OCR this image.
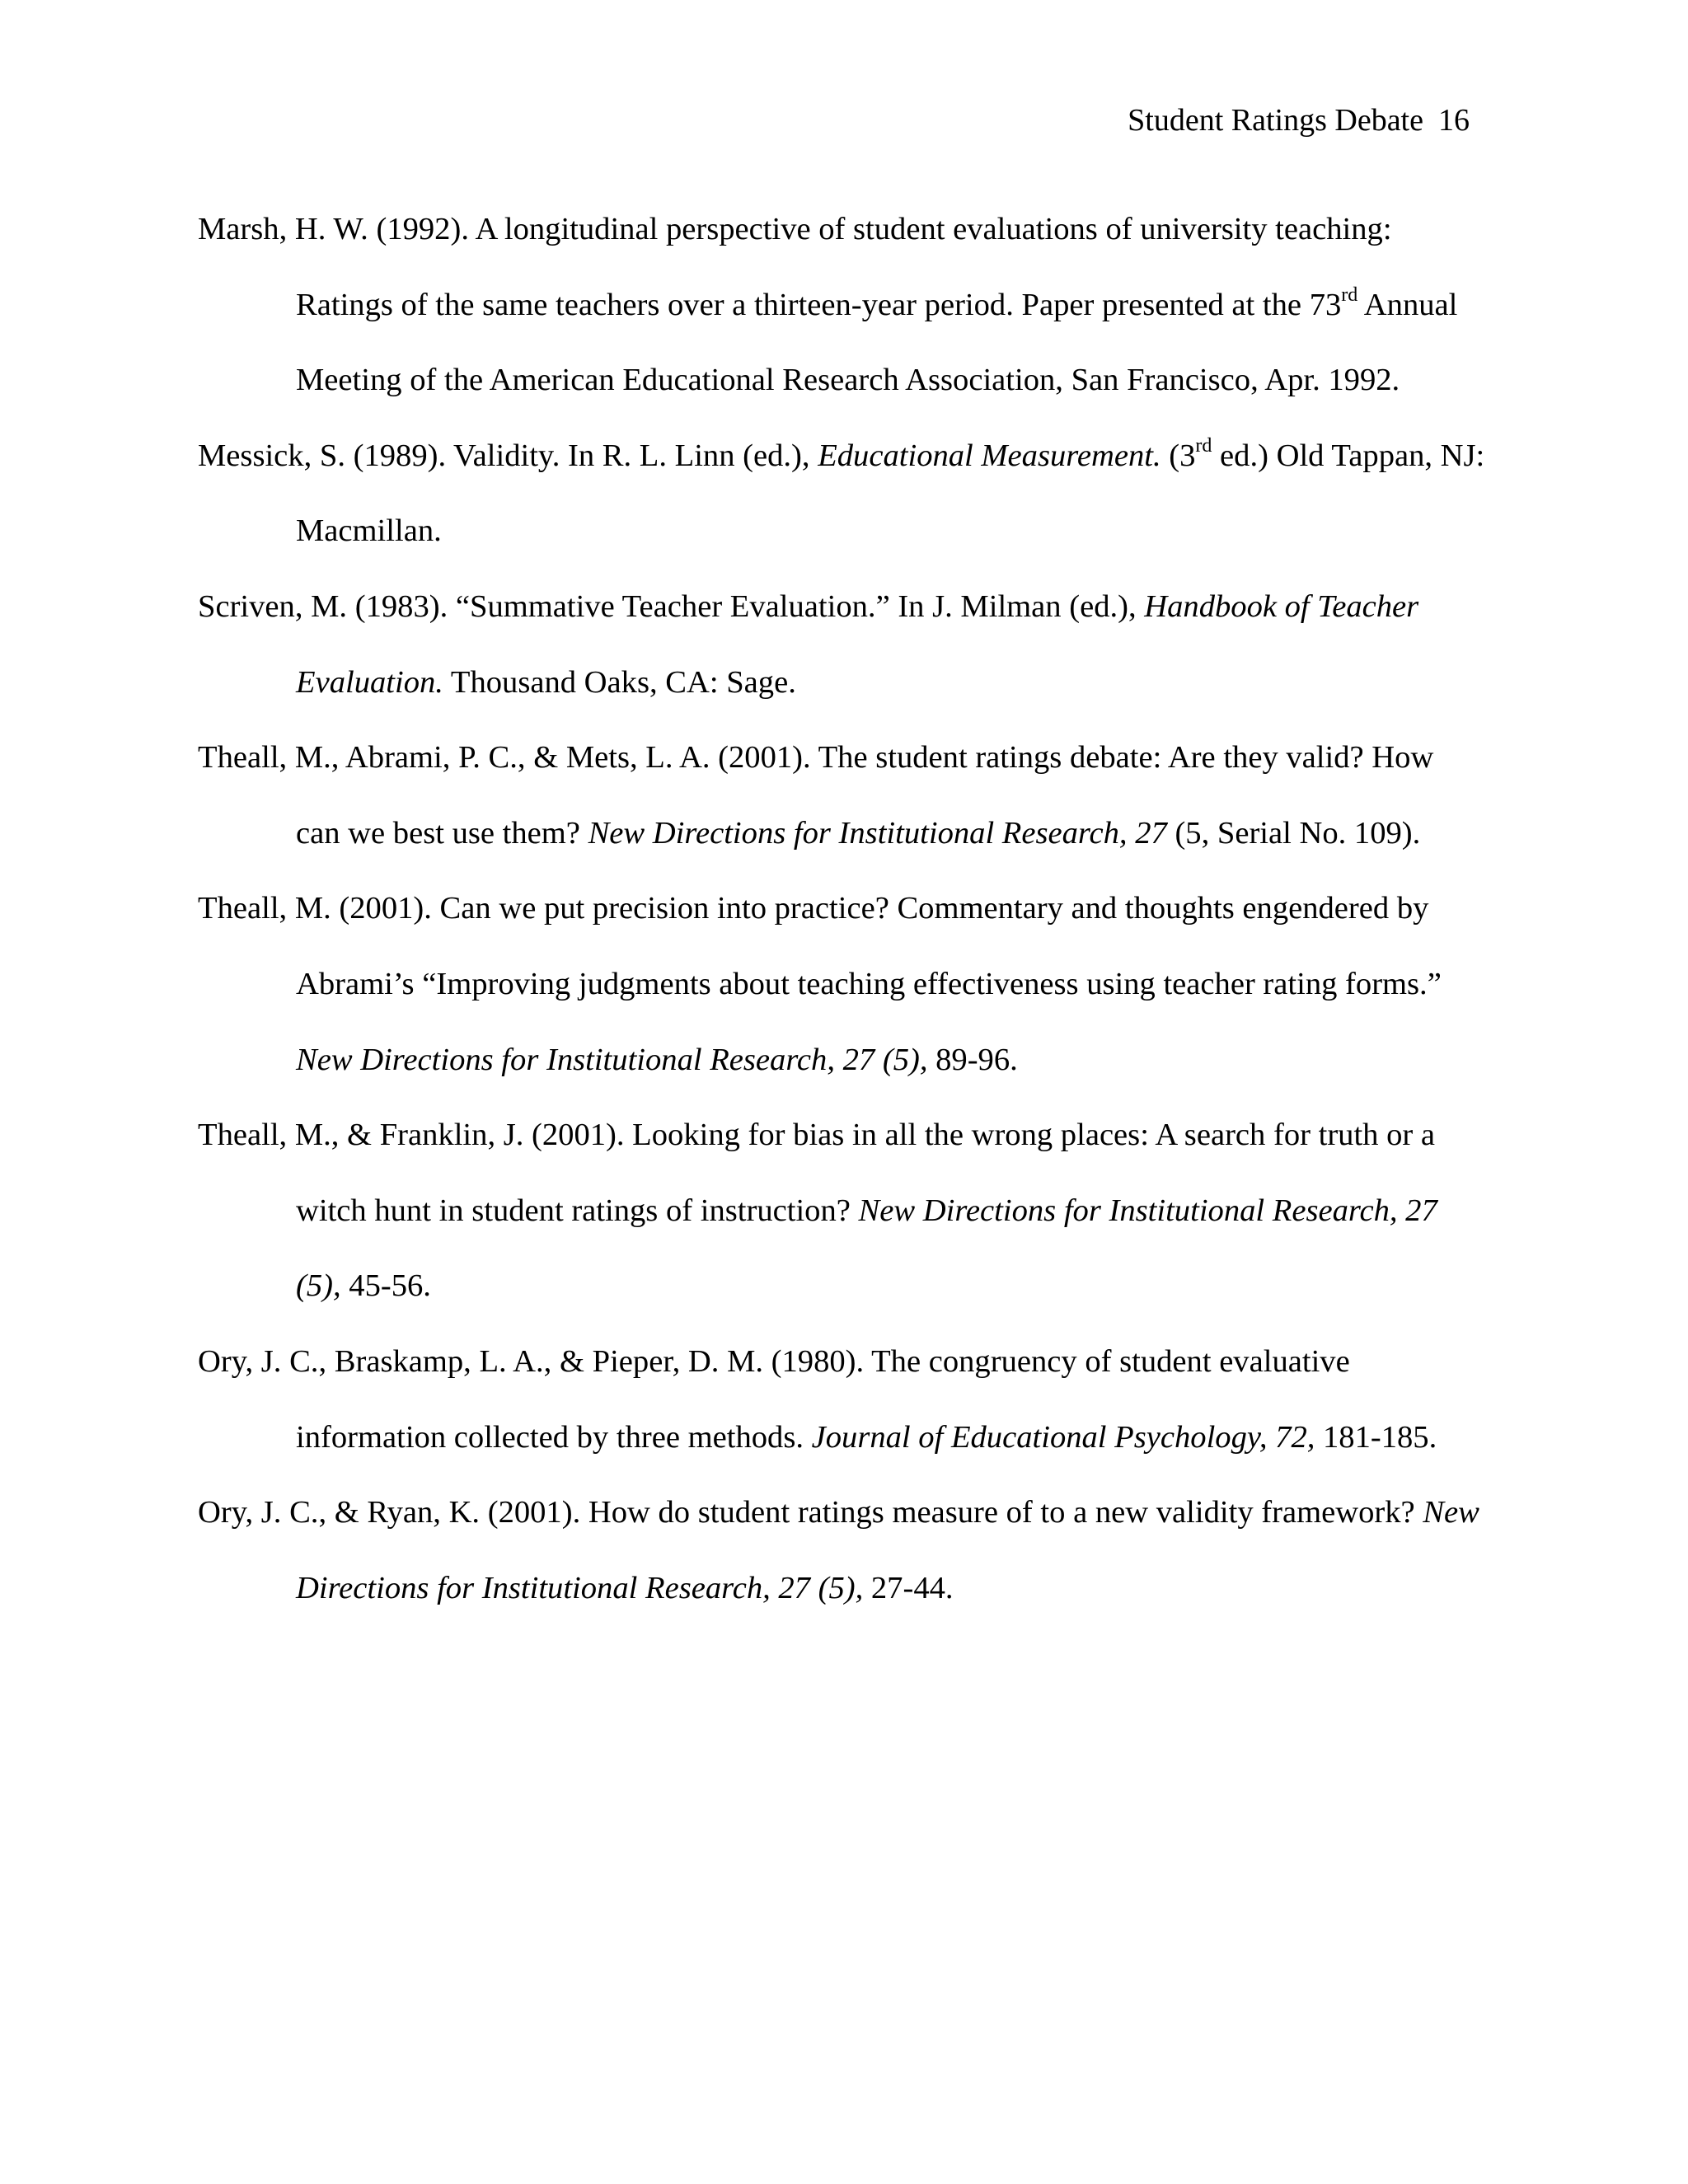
Student Ratings Debate 16

Marsh, H. W. (1992). A longitudinal perspective of student evaluations of university teaching: Ratings of the same teachers over a thirteen-year period. Paper presented at the 73rd Annual Meeting of the American Educational Research Association, San Francisco, Apr. 1992.

Messick, S. (1989). Validity. In R. L. Linn (ed.), Educational Measurement. (3rd ed.) Old Tappan, NJ: Macmillan.

Scriven, M. (1983). “Summative Teacher Evaluation.” In J. Milman (ed.), Handbook of Teacher Evaluation. Thousand Oaks, CA: Sage.

Theall, M., Abrami, P. C., & Mets, L. A. (2001). The student ratings debate: Are they valid? How can we best use them? New Directions for Institutional Research, 27 (5, Serial No. 109).

Theall, M. (2001). Can we put precision into practice? Commentary and thoughts engendered by Abrami’s “Improving judgments about teaching effectiveness using teacher rating forms.” New Directions for Institutional Research, 27 (5), 89-96.

Theall, M., & Franklin, J. (2001). Looking for bias in all the wrong places: A search for truth or a witch hunt in student ratings of instruction? New Directions for Institutional Research, 27 (5), 45-56.

Ory, J. C., Braskamp, L. A., & Pieper, D. M. (1980). The congruency of student evaluative information collected by three methods. Journal of Educational Psychology, 72, 181-185.

Ory, J. C., & Ryan, K. (2001). How do student ratings measure of to a new validity framework? New Directions for Institutional Research, 27 (5), 27-44.
